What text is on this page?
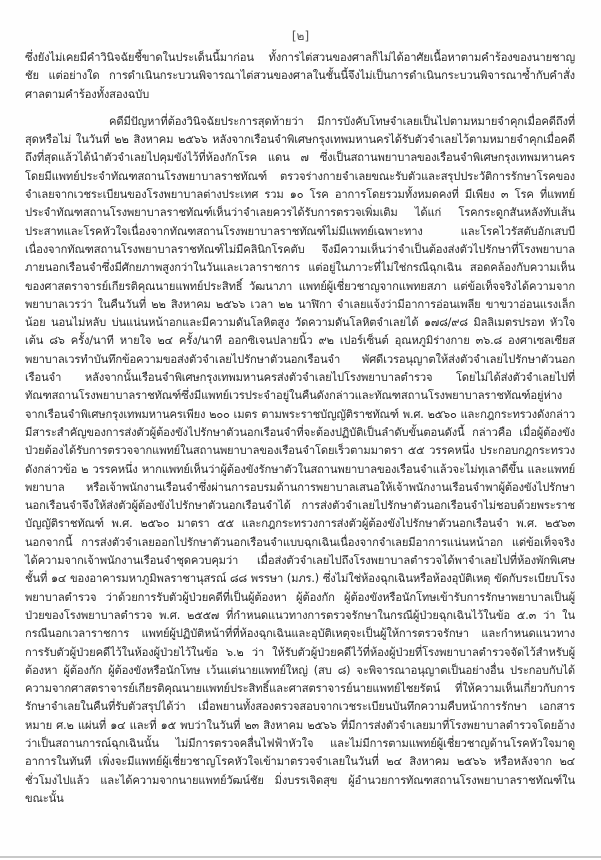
[๒]

ซึ่งยังไม่เคยมีคำวินิจฉัยชี้ขาดในประเด็นนี้มาก่อน ทั้งการไต่สวนของศาลก็ไม่ได้อาศัยเนื้อหาตามคำร้องของนายชาญชัย แต่อย่างใด การดำเนินกระบวนพิจารณาไต่สวนของศาลในชั้นนี้จึงไม่เป็นการดำเนินกระบวนพิจารณาซ้ำกับคำสั่งศาลตามคำร้องทั้งสองฉบับ

คดีมีปัญหาที่ต้องวินิจฉัยประการสุดท้ายว่า มีการบังคับโทษจำเลยเป็นไปตามหมายจำคุกเมื่อคดีถึงที่สุดหรือไม่ ในวันที่ ๒๒ สิงหาคม ๒๕๖๖ หลังจากเรือนจำพิเศษกรุงเทพมหานครได้รับตัวจำเลยไว้ตามหมายจำคุกเมื่อคดีถึงที่สุดแล้วได้นำตัวจำเลยไปคุมขังไว้ที่ห้องกักโรค แดน ๗ ซึ่งเป็นสถานพยาบาลของเรือนจำพิเศษกรุงเทพมหานคร โดยมีแพทย์ประจำทัณฑสถานโรงพยาบาลราชทัณฑ์ ตรวจร่างกายจำเลยขณะรับตัวและสรุปประวัติการรักษาโรคของจำเลยจากเวชระเบียนของโรงพยาบาลต่างประเทศ รวม ๑๐ โรค อาการโดยรวมทั้งหมดคงที่ มีเพียง ๓ โรค ที่แพทย์ประจำทัณฑสถานโรงพยาบาลราชทัณฑ์เห็นว่าจำเลยควรได้รับการตรวจเพิ่มเติม ได้แก่ โรคกระดูกสันหลังทับเส้นประสาทและโรคหัวใจเนื่องจากทัณฑสถานโรงพยาบาลราชทัณฑ์ไม่มีแพทย์เฉพาะทาง และโรคไวรัสตับอักเสบบีเนื่องจากทัณฑสถานโรงพยาบาลราชทัณฑ์ไม่มีคลินิกโรคตับ จึงมีความเห็นว่าจำเป็นต้องส่งตัวไปรักษาที่โรงพยาบาลภายนอกเรือนจำซึ่งมีศักยภาพสูงกว่าในวันและเวลาราชการ แต่อยู่ในภาวะที่ไม่ใช่กรณีฉุกเฉิน สอดคล้องกับความเห็นของศาสตราจารย์เกียรติคุณนายแพทย์ประสิทธิ์ วัฒนาภา แพทย์ผู้เชี่ยวชาญจากแพทยสภา แต่ข้อเท็จจริงได้ความจากพยาบาลเวรว่า ในคืนวันที่ ๒๒ สิงหาคม ๒๕๖๖ เวลา ๒๒ นาฬิกา จำเลยแจ้งว่ามีอาการอ่อนเพลีย ขาขวาอ่อนแรงเล็กน้อย นอนไม่หลับ บ่นแน่นหน้าอกและมีความดันโลหิตสูง วัดความดันโลหิตจำเลยได้ ๑๗๘/๙๘ มิลลิเมตรปรอท หัวใจเต้น ๘๖ ครั้ง/นาที หายใจ ๒๔ ครั้ง/นาที ออกซิเจนปลายนิ้ว ๙๒ เปอร์เซ็นต์ อุณหภูมิร่างกาย ๓๖.๘ องศาเซลเซียส พยาบาลเวรทำบันทึกข้อความขอส่งตัวจำเลยไปรักษาตัวนอกเรือนจำ พัศดีเวรอนุญาตให้ส่งตัวจำเลยไปรักษาตัวนอกเรือนจำ หลังจากนั้นเรือนจำพิเศษกรุงเทพมหานครส่งตัวจำเลยไปโรงพยาบาลตำรวจ โดยไม่ได้ส่งตัวจำเลยไปที่ทัณฑสถานโรงพยาบาลราชทัณฑ์ซึ่งมีแพทย์เวรประจำอยู่ในคืนดังกล่าวและทัณฑสถานโรงพยาบาลราชทัณฑ์อยู่ห่างจากเรือนจำพิเศษกรุงเทพมหานครเพียง ๒๐๐ เมตร ตามพระราชบัญญัติราชทัณฑ์ พ.ศ. ๒๕๖๐ และกฎกระทรวงดังกล่าวมีสาระสำคัญของการส่งตัวผู้ต้องขังไปรักษาตัวนอกเรือนจำที่จะต้องปฏิบัติเป็นลำดับขั้นตอนดังนี้ กล่าวคือ เมื่อผู้ต้องขังป่วยต้องได้รับการตรวจจากแพทย์ในสถานพยาบาลของเรือนจำโดยเร็วตามมาตรา ๕๕ วรรคหนึ่ง ประกอบกฎกระทรวงดังกล่าวข้อ ๒ วรรคหนึ่ง หากแพทย์เห็นว่าผู้ต้องขังรักษาตัวในสถานพยาบาลของเรือนจำแล้วจะไม่ทุเลาดีขึ้น และแพทย์ พยาบาล หรือเจ้าพนักงานเรือนจำซึ่งผ่านการอบรมด้านการพยาบาลเสนอให้เจ้าพนักงานเรือนจำพาผู้ต้องขังไปรักษานอกเรือนจำจึงให้ส่งตัวผู้ต้องขังไปรักษาตัวนอกเรือนจำได้ การส่งตัวจำเลยไปรักษาตัวนอกเรือนจำไม่ชอบด้วยพระราชบัญญัติราชทัณฑ์ พ.ศ. ๒๕๖๐ มาตรา ๕๕ และกฎกระทรวงการส่งตัวผู้ต้องขังไปรักษาตัวนอกเรือนจำ พ.ศ. ๒๕๖๓ นอกจากนี้ การส่งตัวจำเลยออกไปรักษาตัวนอกเรือนจำแบบฉุกเฉินเนื่องจากจำเลยมีอาการแน่นหน้าอก แต่ข้อเท็จจริงได้ความจากเจ้าพนักงานเรือนจำชุดควบคุมว่า เมื่อส่งตัวจำเลยไปถึงโรงพยาบาลตำรวจได้พาจำเลยไปที่ห้องพักพิเศษ ชั้นที่ ๑๔ ของอาคารมหาภูมิพลราชานุสรณ์ ๘๘ พรรษา (มภร.) ซึ่งไม่ใช่ห้องฉุกเฉินหรือห้องอุบัติเหตุ ขัดกับระเบียบโรงพยาบาลตำรวจ ว่าด้วยการรับตัวผู้ป่วยคดีที่เป็นผู้ต้องหา ผู้ต้องกัก ผู้ต้องขังหรือนักโทษเข้ารับการรักษาพยาบาลเป็นผู้ป่วยของโรงพยาบาลตำรวจ พ.ศ. ๒๕๕๗ ที่กำหนดแนวทางการตรวจรักษาในกรณีผู้ป่วยฉุกเฉินไว้ในข้อ ๕.๓ ว่า ในกรณีนอกเวลาราชการ แพทย์ผู้ปฏิบัติหน้าที่ที่ห้องฉุกเฉินและอุบัติเหตุจะเป็นผู้ให้การตรวจรักษา และกำหนดแนวทางการรับตัวผู้ป่วยคดีไว้ในห้องผู้ป่วยไว้ในข้อ ๖.๒ ว่า ให้รับตัวผู้ป่วยคดีไว้ที่ห้องผู้ป่วยที่โรงพยาบาลตำรวจจัดไว้สำหรับผู้ต้องหา ผู้ต้องกัก ผู้ต้องขังหรือนักโทษ เว้นแต่นายแพทย์ใหญ่ (สบ ๘) จะพิจารณาอนุญาตเป็นอย่างอื่น ประกอบกับได้ความจากศาสตราจารย์เกียรติคุณนายแพทย์ประสิทธิ์และศาสตราจารย์นายแพทย์ไชยรัตน์ ที่ให้ความเห็นเกี่ยวกับการรักษาจำเลยในคืนที่รับตัวสรุปได้ว่า เมื่อพยานทั้งสองตรวจสอบจากเวชระเบียนบันทึกความคืบหน้าการรักษา เอกสารหมาย ศ.๒ แผ่นที่ ๑๔ และที่ ๑๕ พบว่าในวันที่ ๒๓ สิงหาคม ๒๕๖๖ ที่มีการส่งตัวจำเลยมาที่โรงพยาบาลตำรวจโดยอ้างว่าเป็นสถานการณ์ฉุกเฉินนั้น ไม่มีการตรวจคลื่นไฟฟ้าหัวใจ และไม่มีการตามแพทย์ผู้เชี่ยวชาญด้านโรคหัวใจมาดูอาการในทันที เพิ่งจะมีแพทย์ผู้เชี่ยวชาญโรคหัวใจเข้ามาตรวจจำเลยในวันที่ ๒๔ สิงหาคม ๒๕๖๖ หรือหลังจาก ๒๔ ชั่วโมงไปแล้ว และได้ความจากนายแพทย์วัฒน์ชัย มิ่งบรรเจิดสุข ผู้อำนวยการทัณฑสถานโรงพยาบาลราชทัณฑ์ในขณะนั้น
